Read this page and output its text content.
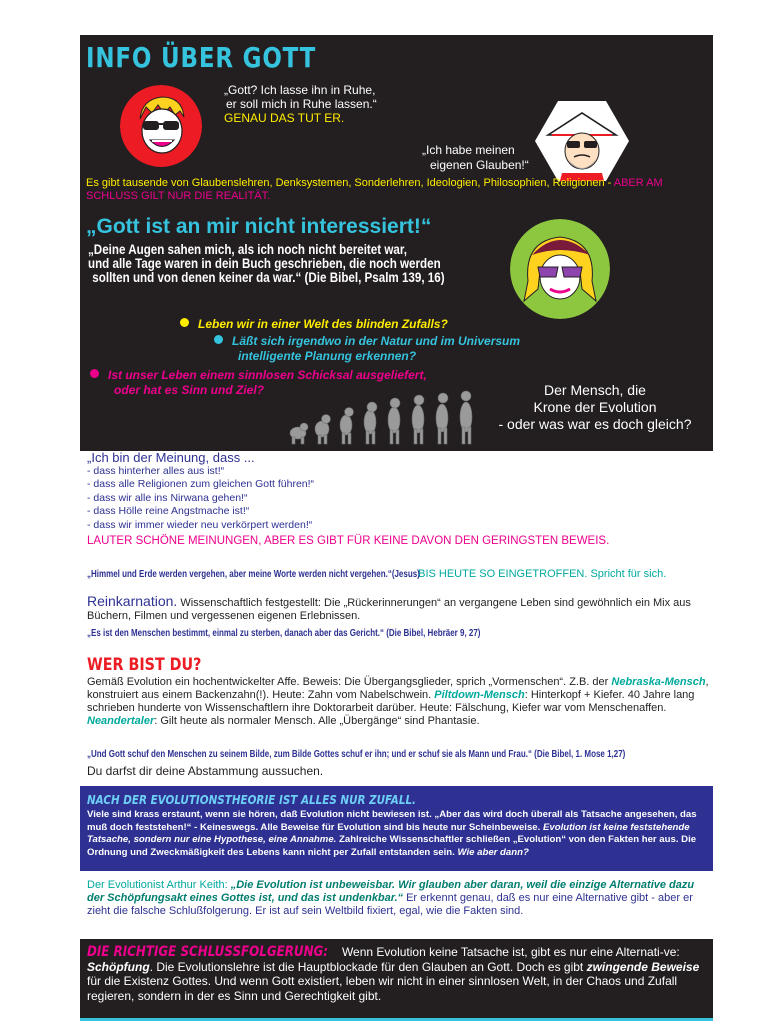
INFO ÜBER GOTT
„Gott? Ich lasse ihn in Ruhe,
er soll mich in Ruhe lassen.“
GENAU DAS TUT ER.
„Ich habe meinen
eigenen Glauben!“
Es gibt tausende von Glaubenslehren, Denksystemen, Sonderlehren, Ideologien, Philosophien, Religionen - ABER AM SCHLUSS GILT NUR DIE REALITÄT.
„Gott ist an mir nicht interessiert!“
„Deine Augen sahen mich, als ich noch nicht bereitet war,
und alle Tage waren in dein Buch geschrieben, die noch werden
sollten und von denen keiner da war.“ (Die Bibel, Psalm 139, 16)
Leben wir in einer Welt des blinden Zufalls?
Läßt sich irgendwo in der Natur und im Universum
intelligente Planung erkennen?
Ist unser Leben einem sinnlosen Schicksal ausgeliefert,
oder hat es Sinn und Ziel?	Der Mensch, die
Krone der Evolution
- oder was war es doch gleich?
„Ich bin der Meinung, dass ...
- dass hinterher alles aus ist!“
- dass alle Religionen zum gleichen Gott führen!“
- dass wir alle ins Nirwana gehen!“
- dass Hölle reine Angstmache ist!“
- dass wir immer wieder neu verkörpert werden!“
LAUTER SCHÖNE MEINUNGEN, ABER ES GIBT FÜR KEINE DAVON DEN GERINGSTEN BEWEIS.
„Himmel und Erde werden vergehen, aber meine Worte werden nicht vergehen.“(Jesus) BIS HEUTE SO EINGETROFFEN. Spricht für sich.
Reinkarnation. Wissenschaftlich festgestellt: Die „Rückerinnerungen“ an vergangene Leben sind gewöhnlich ein Mix aus Büchern, Filmen und vergessenen eigenen Erlebnissen.
„Es ist den Menschen bestimmt, einmal zu sterben, danach aber das Gericht.“ (Die Bibel, Hebräer 9, 27)
WER BIST DU?
Gemäß Evolution ein hochentwickelter Affe. Beweis: Die Übergangsglieder, sprich „Vormenschen“. Z.B. der Nebraska-Mensch, konstruiert aus einem Backenzahn(!). Heute: Zahn vom Nabelschwein. Piltdown-Mensch: Hinterkopf + Kiefer. 40 Jahre lang schrieben hunderte von Wissenschaftlern ihre Doktorarbeit darüber. Heute: Fälschung, Kiefer war vom Menschenaffen. Neandertaler: Gilt heute als normaler Mensch. Alle „Übergänge“ sind Phantasie.
„Und Gott schuf den Menschen zu seinem Bilde, zum Bilde Gottes schuf er ihn; und er schuf sie als Mann und Frau.“ (Die Bibel, 1. Mose 1,27)
Du darfst dir deine Abstammung aussuchen.
NACH DER EVOLUTIONSTHEORIE IST ALLES NUR ZUFALL.
Viele sind krass erstaunt, wenn sie hören, daß Evolution nicht bewiesen ist. „Aber das wird doch überall als Tatsache angesehen, das muß doch feststehen!“ - Keineswegs. Alle Beweise für Evolution sind bis heute nur Scheinbeweise. Evolution ist keine feststehende Tatsache, sondern nur eine Hypothese, eine Annahme. Zahlreiche Wissenschaftler schließen „Evolution“ von den Fakten her aus. Die Ordnung und Zweckmäßigkeit des Lebens kann nicht per Zufall entstanden sein. Wie aber dann?
Der Evolutionist Arthur Keith: „Die Evolution ist unbeweisbar. Wir glauben aber daran, weil die einzige Alternative dazu der Schöpfungsakt eines Gottes ist, und das ist undenkbar.“ Er erkennt genau, daß es nur eine Alternative gibt - aber er zieht die falsche Schlußfolgerung. Er ist auf sein Weltbild fixiert, egal, wie die Fakten sind.
DIE RICHTIGE SCHLUSSFOLGERUNG: Wenn Evolution keine Tatsache ist, gibt es nur eine Alternati-ve: Schöpfung. Die Evolutionslehre ist die Hauptblockade für den Glauben an Gott. Doch es gibt zwingende Beweise für die Existenz Gottes. Und wenn Gott existiert, leben wir nicht in einer sinnlosen Welt, in der Chaos und Zufall regieren, sondern in der es Sinn und Gerechtigkeit gibt.
